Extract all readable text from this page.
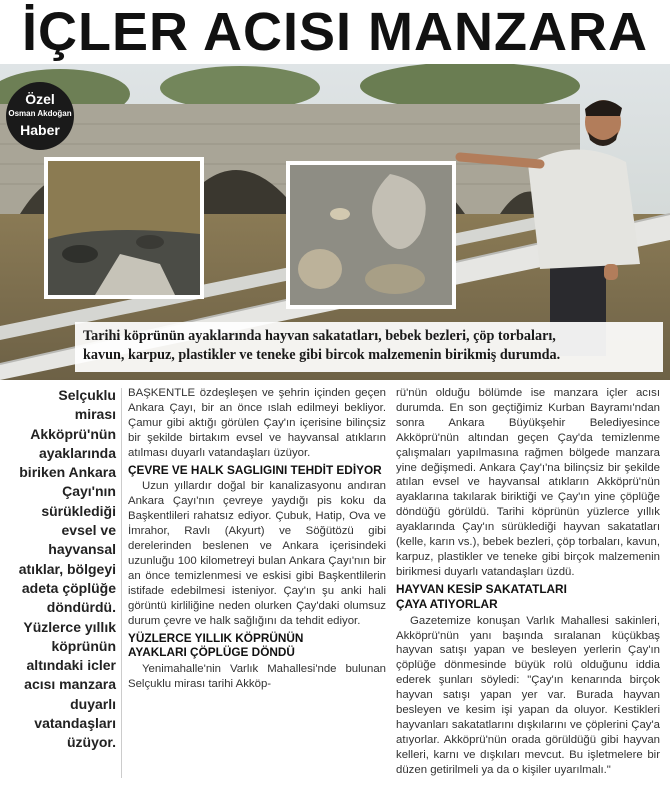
İÇLER ACISI MANZARA
Özel
Osman Akdoğan
Haber
Tarihi köprünün ayaklarında hayvan sakatatları, bebek bezleri, çöp torbaları,
kavun, karpuz, plastikler ve teneke gibi bircok malzemenin birikmiş durumda.
Selçuklu mirası Akköprü'nün ayaklarında biriken Ankara Çayı'nın sürüklediği evsel ve hayvansal atıklar, bölgeyi adeta çöplüğe döndürdü. Yüzlerce yıllık köprünün altındaki icler acısı manzara duyarlı vatandaşları üzüyor.

BAŞKENTLE özdeşleşen ve şehrin içinden geçen Ankara Çayı, bir an önce ıslah edilmeyi bekliyor. Çamur gibi aktığı görülen Çay'ın içerisine bilinçsiz bir şekilde birtakım evsel ve hayvansal atıkların atılması duyarlı vatandaşları üzüyor.

ÇEVRE VE HALK SAGLIGINI TEHDİT EDİYOR

Uzun yıllardır doğal bir kanalizasyonu andıran Ankara Çayı'nın çevreye yaydığı pis koku da Başkentlileri rahatsız ediyor. Çubuk, Hatip, Ova ve İmrahor, Ravlı (Akyurt) ve Söğütözü gibi derelerinden beslenen ve Ankara içerisindeki uzunluğu 100 kilometreyi bulan Ankara Çayı'nın bir an önce temizlenmesi ve eskisi gibi Başkentlilerin istifade edebilmesi isteniyor. Çay'ın şu anki hali görüntü kirliliğine neden olurken Çay'daki olumsuz durum çevre ve halk sağlığını da tehdit ediyor.

YÜZLERCE YILLIK KÖPRÜNÜN
AYAKLARI ÇÖPLÜGE DÖNDÜ

Yenimahalle'nin Varlık Mahallesi'nde bulunan Selçuklu mirası tarihi Akköp-

rü'nün olduğu bölümde ise manzara içler acısı durumda. En son geçtiğimiz Kurban Bayramı'ndan sonra Ankara Büyükşehir Belediyesince Akköprü'nün altından geçen Çay'da temizlenme çalışmaları yapılmasına rağmen bölgede manzara yine değişmedi. Ankara Çay'ı'na bilinçsiz bir şekilde atılan evsel ve hayvansal atıkların Akköprü'nün ayaklarına takılarak biriktiği ve Çay'ın yine çöplüğe döndüğü görüldü. Tarihi köprünün yüzlerce yıllık ayaklarında Çay'ın sürüklediği hayvan sakatatları (kelle, karın vs.), bebek bezleri, çöp torbaları, kavun, karpuz, plastikler ve teneke gibi birçok malzemenin birikmesi duyarlı vatandaşları üzdü.

HAYVAN KESİP SAKATATLARI
ÇAYA ATIYORLAR

Gazetemize konuşan Varlık Mahallesi sakinleri, Akköprü'nün yanı başında sıralanan küçükbaş hayvan satışı yapan ve besleyen yerlerin Çay'ın çöplüğe dönmesinde büyük rolü olduğunu iddia ederek şunları söyledi: "Çay'ın kenarında birçok hayvan satışı yapan yer var. Burada hayvan besleyen ve kesim işi yapan da oluyor. Kestikleri hayvanları sakatatlarını dışkılarını ve çöplerini Çay'a atıyorlar. Akköprü'nün orada görüldüğü gibi hayvan kelleri, karnı ve dışkıları mevcut. Bu işletmelere bir düzen getirilmeli ya da o kişiler uyarılmalı."
